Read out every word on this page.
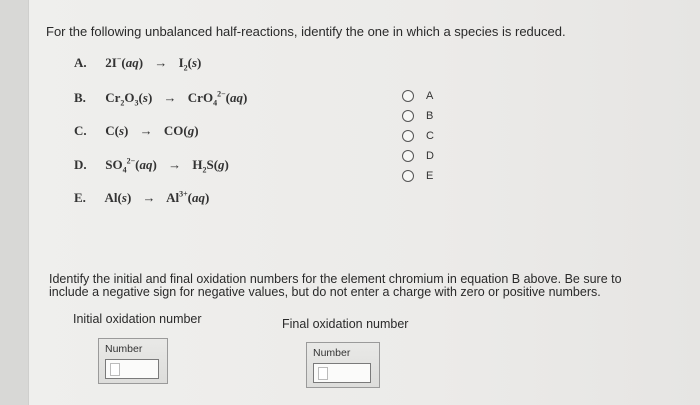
For the following unbalanced half-reactions, identify the one in which a species is reduced.
A. $2I^-(aq) \to I_2(s)$
B. $Cr_2O_3(s) \to CrO_4^{2-}(aq)$
C. C(s) → CO(g)
D. $SO_4^{2-}(aq) \to H_2S(g)$
E. $Al(s) \to Al^{3+}(aq)$
A
B
C
D
E
Identify the initial and final oxidation numbers for the element chromium in equation B above. Be sure to include a negative sign for negative values, but do not enter a charge with zero or positive numbers.
Initial oxidation number	Final oxidation number
Number	Number
